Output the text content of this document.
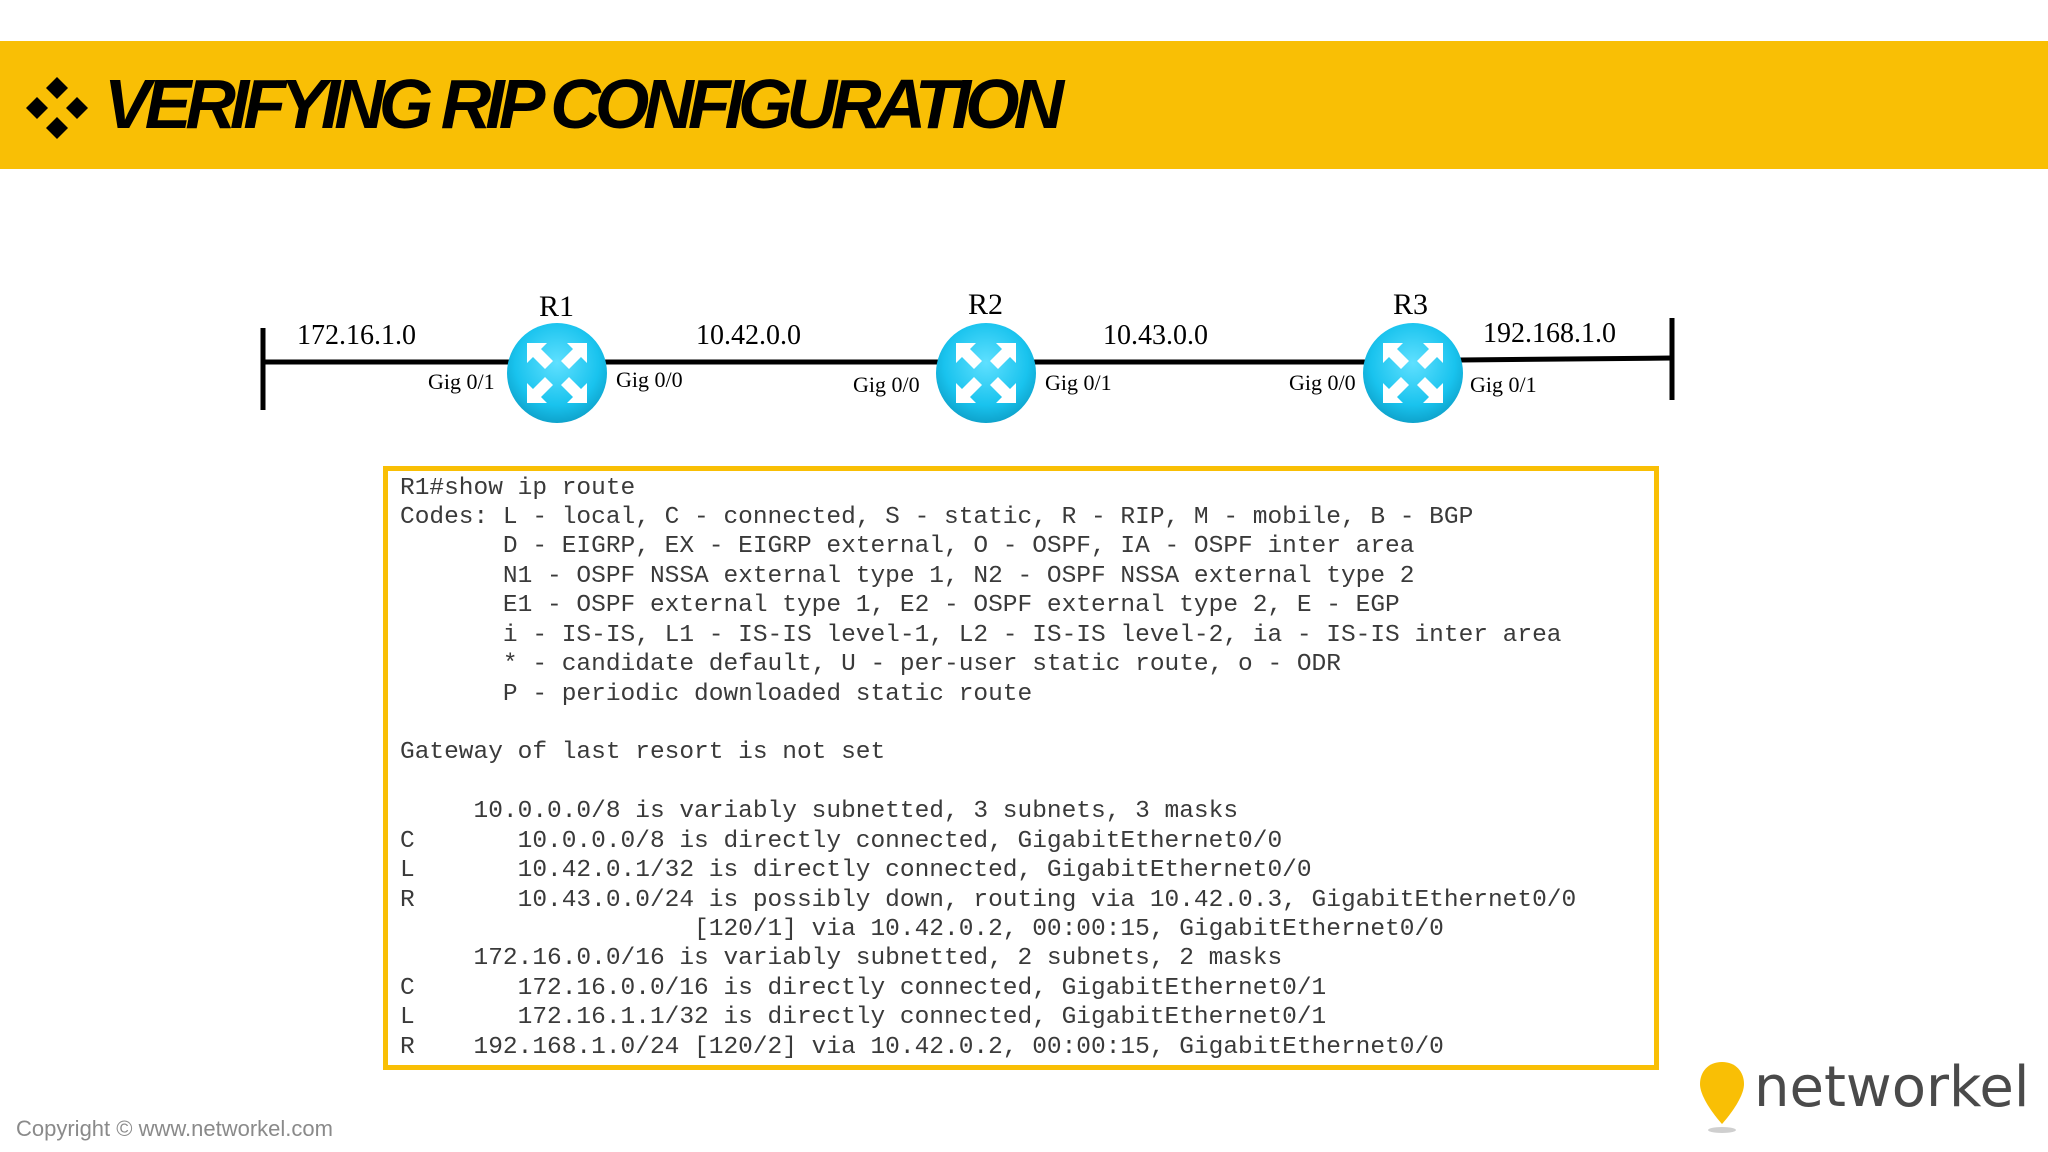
VERIFYING RIP CONFIGURATION
R1	R2	R3
172.16.1.0	10.42.0.0	10.43.0.0	192.168.1.0
Gig 0/1	Gig 0/0	Gig 0/0	Gig 0/1	Gig 0/0	Gig 0/1
R1#show ip route
Codes: L - local, C - connected, S - static, R - RIP, M - mobile, B - BGP
D - EIGRP, EX - EIGRP external, O - OSPF, IA - OSPF inter area
N1 - OSPF NSSA external type 1, N2 - OSPF NSSA external type 2
E1 - OSPF external type 1, E2 - OSPF external type 2, E - EGP
i - IS-IS, L1 - IS-IS level-1, L2 - IS-IS level-2, ia - IS-IS inter area
* - candidate default, U - per-user static route, o - ODR
P - periodic downloaded static route
Gateway of last resort is not set
10.0.0.0/8 is variably subnetted, 3 subnets, 3 masks
C       10.0.0.0/8 is directly connected, GigabitEthernet0/0
L       10.42.0.1/32 is directly connected, GigabitEthernet0/0
R       10.43.0.0/24 is possibly down, routing via 10.42.0.3, GigabitEthernet0/0
[120/1] via 10.42.0.2, 00:00:15, GigabitEthernet0/0
172.16.0.0/16 is variably subnetted, 2 subnets, 2 masks
C       172.16.0.0/16 is directly connected, GigabitEthernet0/1
L       172.16.1.1/32 is directly connected, GigabitEthernet0/1
R    192.168.1.0/24 [120/2] via 10.42.0.2, 00:00:15, GigabitEthernet0/0
Copyright © www.networkel.com
networkel
